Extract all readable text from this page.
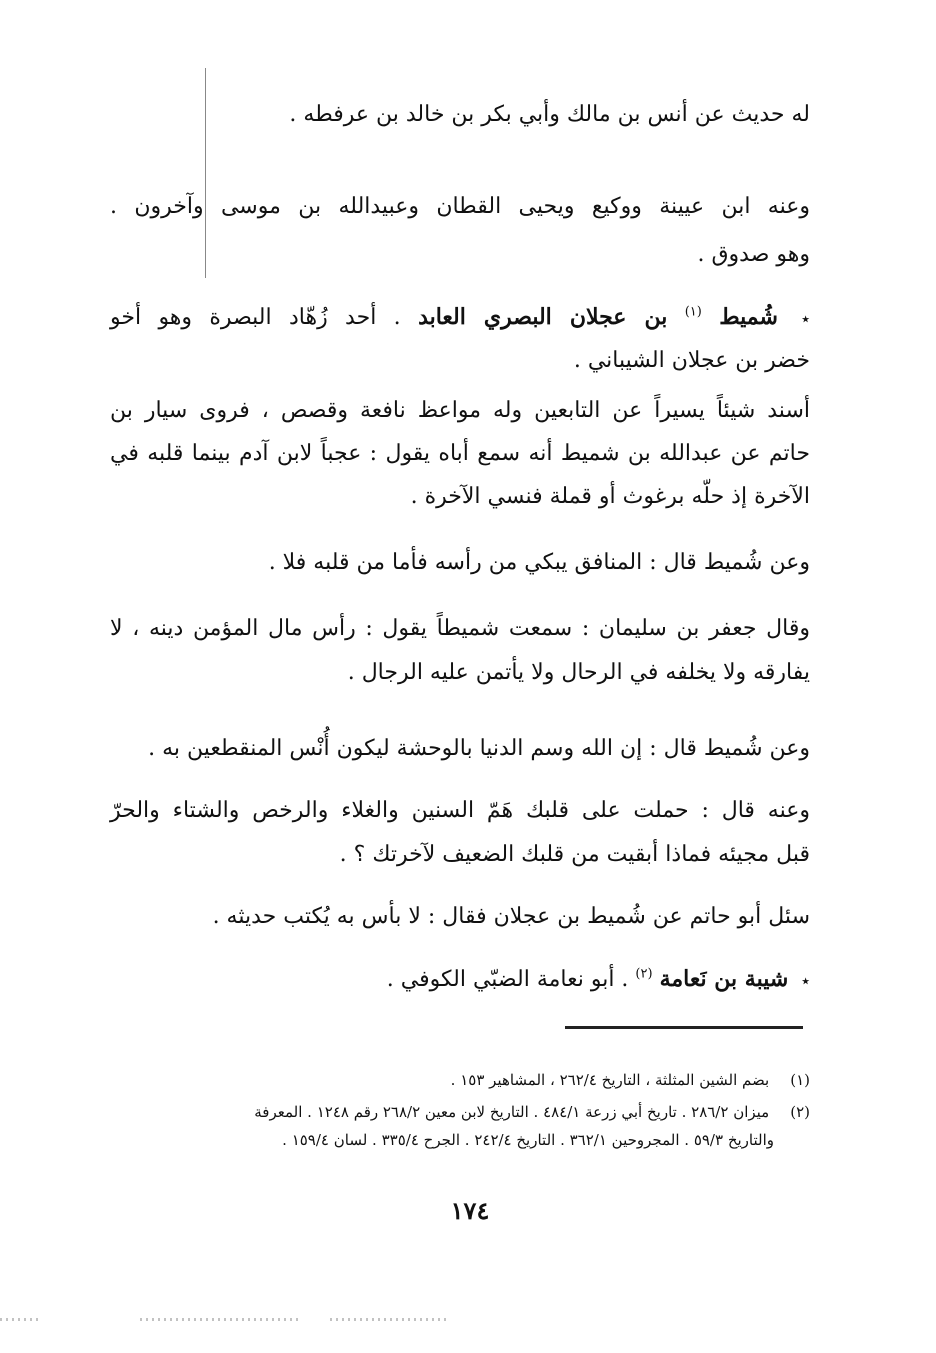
له حديث عن أنس بن مالك وأبي بكر بن خالد بن عرفطه .
وعنه ابن عيينة ووكيع ويحيى القطان وعبيدالله بن موسى وآخرون .
وهو صدوق .
٭ شُميط $^{(١)}$ بن عجلان البصري العابد . أحد زُهّاد البصرة وهو أخو
خضر بن عجلان الشيباني .
أسند شيئاً يسيراً عن التابعين وله مواعظ نافعة وقصص ، فروى سيار بن
حاتم عن عبدالله بن شميط أنه سمع أباه يقول : عجباً لابن آدم بينما قلبه في
الآخرة إذ حلّه برغوث أو قملة فنسي الآخرة .
وعن شُميط قال : المنافق يبكي من رأسه فأما من قلبه فلا .
وقال جعفر بن سليمان : سمعت شميطاً يقول : رأس مال المؤمن دينه ، لا
يفارقه ولا يخلفه في الرحال ولا يأتمن عليه الرجال .
وعن شُميط قال : إن الله وسم الدنيا بالوحشة ليكون أُنْس المنقطعين به .
وعنه قال : حملت على قلبك هَمّ السنين والغلاء والرخص والشتاء والحرّ
قبل مجيئه فماذا أبقيت من قلبك الضعيف لآخرتك ؟ .
سئل أبو حاتم عن شُميط بن عجلان فقال : لا بأس به يُكتب حديثه .
٭ شيبة بن نَعامة $^{(٢)}$ . أبو نعامة الضبّي الكوفي .
(١) بضم الشين المثلثة ، التاريخ ٢٦٢/٤ ، المشاهير ١٥٣ .
(٢) ميزان ٢٨٦/٢ . تاريخ أبي زرعة ٤٨٤/١ . التاريخ لابن معين ٢٦٨/٢ رقم ١٢٤٨ . المعرفة
والتاريخ ٥٩/٣ . المجروحين ٣٦٢/١ . التاريخ ٢٤٢/٤ . الجرح ٣٣٥/٤ . لسان ١٥٩/٤ .
١٧٤
